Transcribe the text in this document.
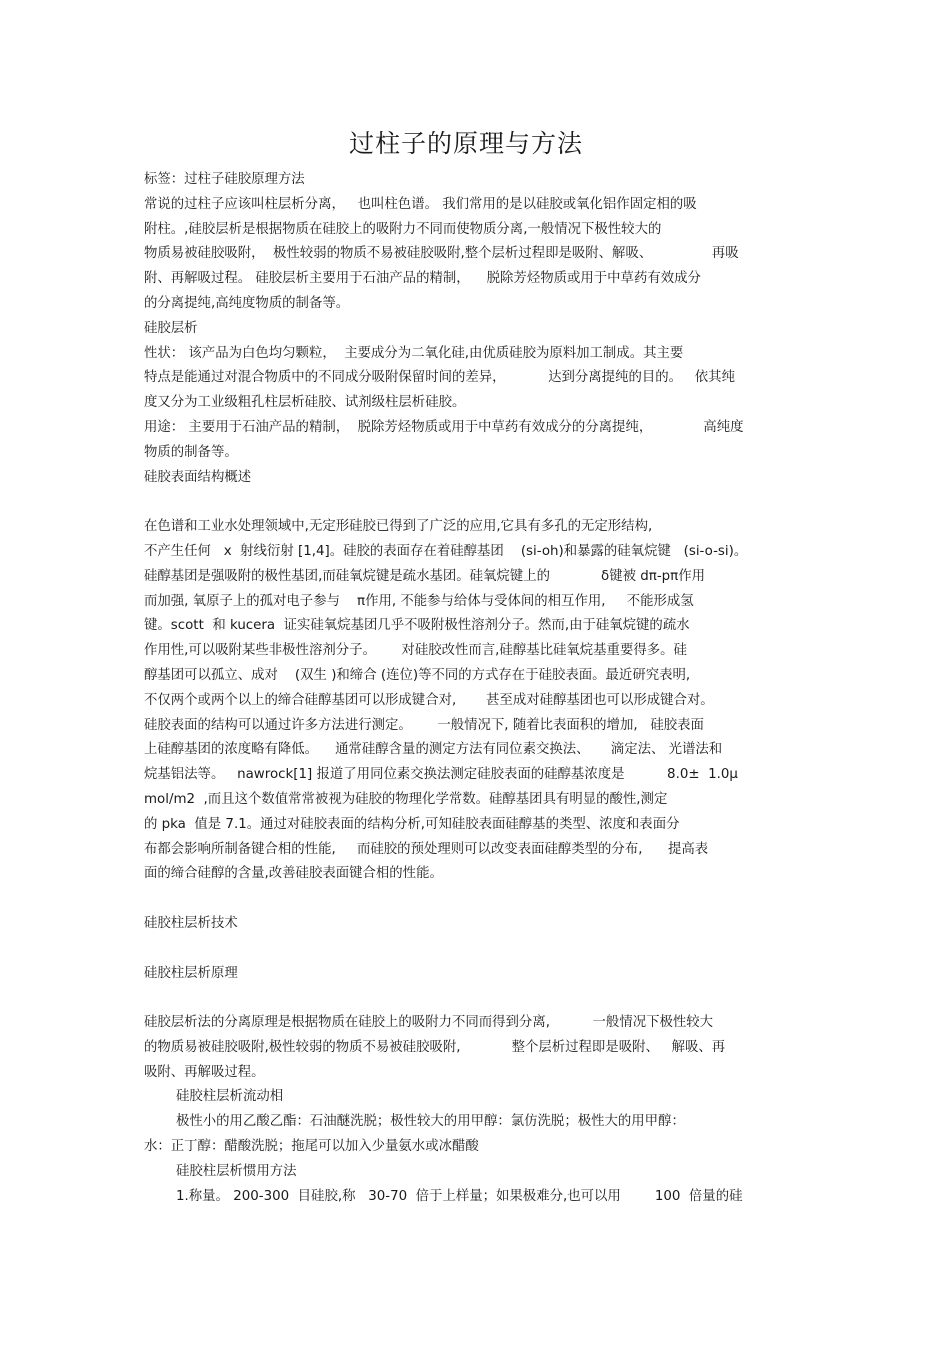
过柱子的原理与方法
标签：过柱子硅胶原理方法
常说的过柱子应该叫柱层析分离，   也叫柱色谱。 我们常用的是以硅胶或氧化铝作固定相的吸
附柱。,硅胶层析是根据物质在硅胶上的吸附力不同而使物质分离,一般情况下极性较大的
物质易被硅胶吸附，  极性较弱的物质不易被硅胶吸附,整个层析过程即是吸附、解吸、              再吸
附、再解吸过程。 硅胶层析主要用于石油产品的精制，    脱除芳烃物质或用于中草药有效成分
的分离提纯,高纯度物质的制备等。
硅胶层析
性状： 该产品为白色均匀颗粒，  主要成分为二氧化硅,由优质硅胶为原料加工制成。其主要
特点是能通过对混合物质中的不同成分吸附保留时间的差异，          达到分离提纯的目的。   依其纯
度又分为工业级粗孔柱层析硅胶、试剂级柱层析硅胶。
用途： 主要用于石油产品的精制，  脱除芳烃物质或用于中草药有效成分的分离提纯，            高纯度
物质的制备等。
硅胶表面结构概述
在色谱和工业水处理领域中,无定形硅胶已得到了广泛的应用,它具有多孔的无定形结构,
不产生任何   x  射线衍射 [1,4]。硅胶的表面存在着硅醇基团    (si-oh)和暴露的硅氧烷键   (si-o-si)。
硅醇基团是强吸附的极性基团,而硅氧烷键是疏水基团。硅氧烷键上的            δ键被 dπ-pπ作用
而加强, 氧原子上的孤对电子参与    π作用, 不能参与给体与受体间的相互作用,     不能形成氢
键。scott  和 kucera  证实硅氧烷基团几乎不吸附极性溶剂分子。然而,由于硅氧烷键的疏水
作用性,可以吸附某些非极性溶剂分子。      对硅胶改性而言,硅醇基比硅氧烷基重要得多。硅
醇基团可以孤立、成对    (双生 )和缔合 (连位)等不同的方式存在于硅胶表面。最近研究表明,
不仅两个或两个以上的缔合硅醇基团可以形成键合对,       甚至成对硅醇基团也可以形成键合对。
硅胶表面的结构可以通过许多方法进行测定。      一般情况下, 随着比表面积的增加,   硅胶表面
上硅醇基团的浓度略有降低。    通常硅醇含量的测定方法有同位素交换法、     滴定法、 光谱法和
烷基铝法等。   nawrock[1] 报道了用同位素交换法测定硅胶表面的硅醇基浓度是          8.0±  1.0μ
mol/m2  ,而且这个数值常常被视为硅胶的物理化学常数。硅醇基团具有明显的酸性,测定
的 pka  值是 7.1。通过对硅胶表面的结构分析,可知硅胶表面硅醇基的类型、浓度和表面分
布都会影响所制备键合相的性能,     而硅胶的预处理则可以改变表面硅醇类型的分布,      提高表
面的缔合硅醇的含量,改善硅胶表面键合相的性能。
硅胶柱层析技术
硅胶柱层析原理
硅胶层析法的分离原理是根据物质在硅胶上的吸附力不同而得到分离,          一般情况下极性较大
的物质易被硅胶吸附,极性较弱的物质不易被硅胶吸附,            整个层析过程即是吸附、   解吸、再
吸附、再解吸过程。
硅胶柱层析流动相
极性小的用乙酸乙酯：石油醚洗脱；极性较大的用甲醇：氯仿洗脱；极性大的用甲醇：
水：正丁醇：醋酸洗脱；拖尾可以加入少量氨水或冰醋酸
硅胶柱层析惯用方法
1.称量。 200-300  目硅胶,称   30-70  倍于上样量；如果极难分,也可以用        100  倍量的硅
